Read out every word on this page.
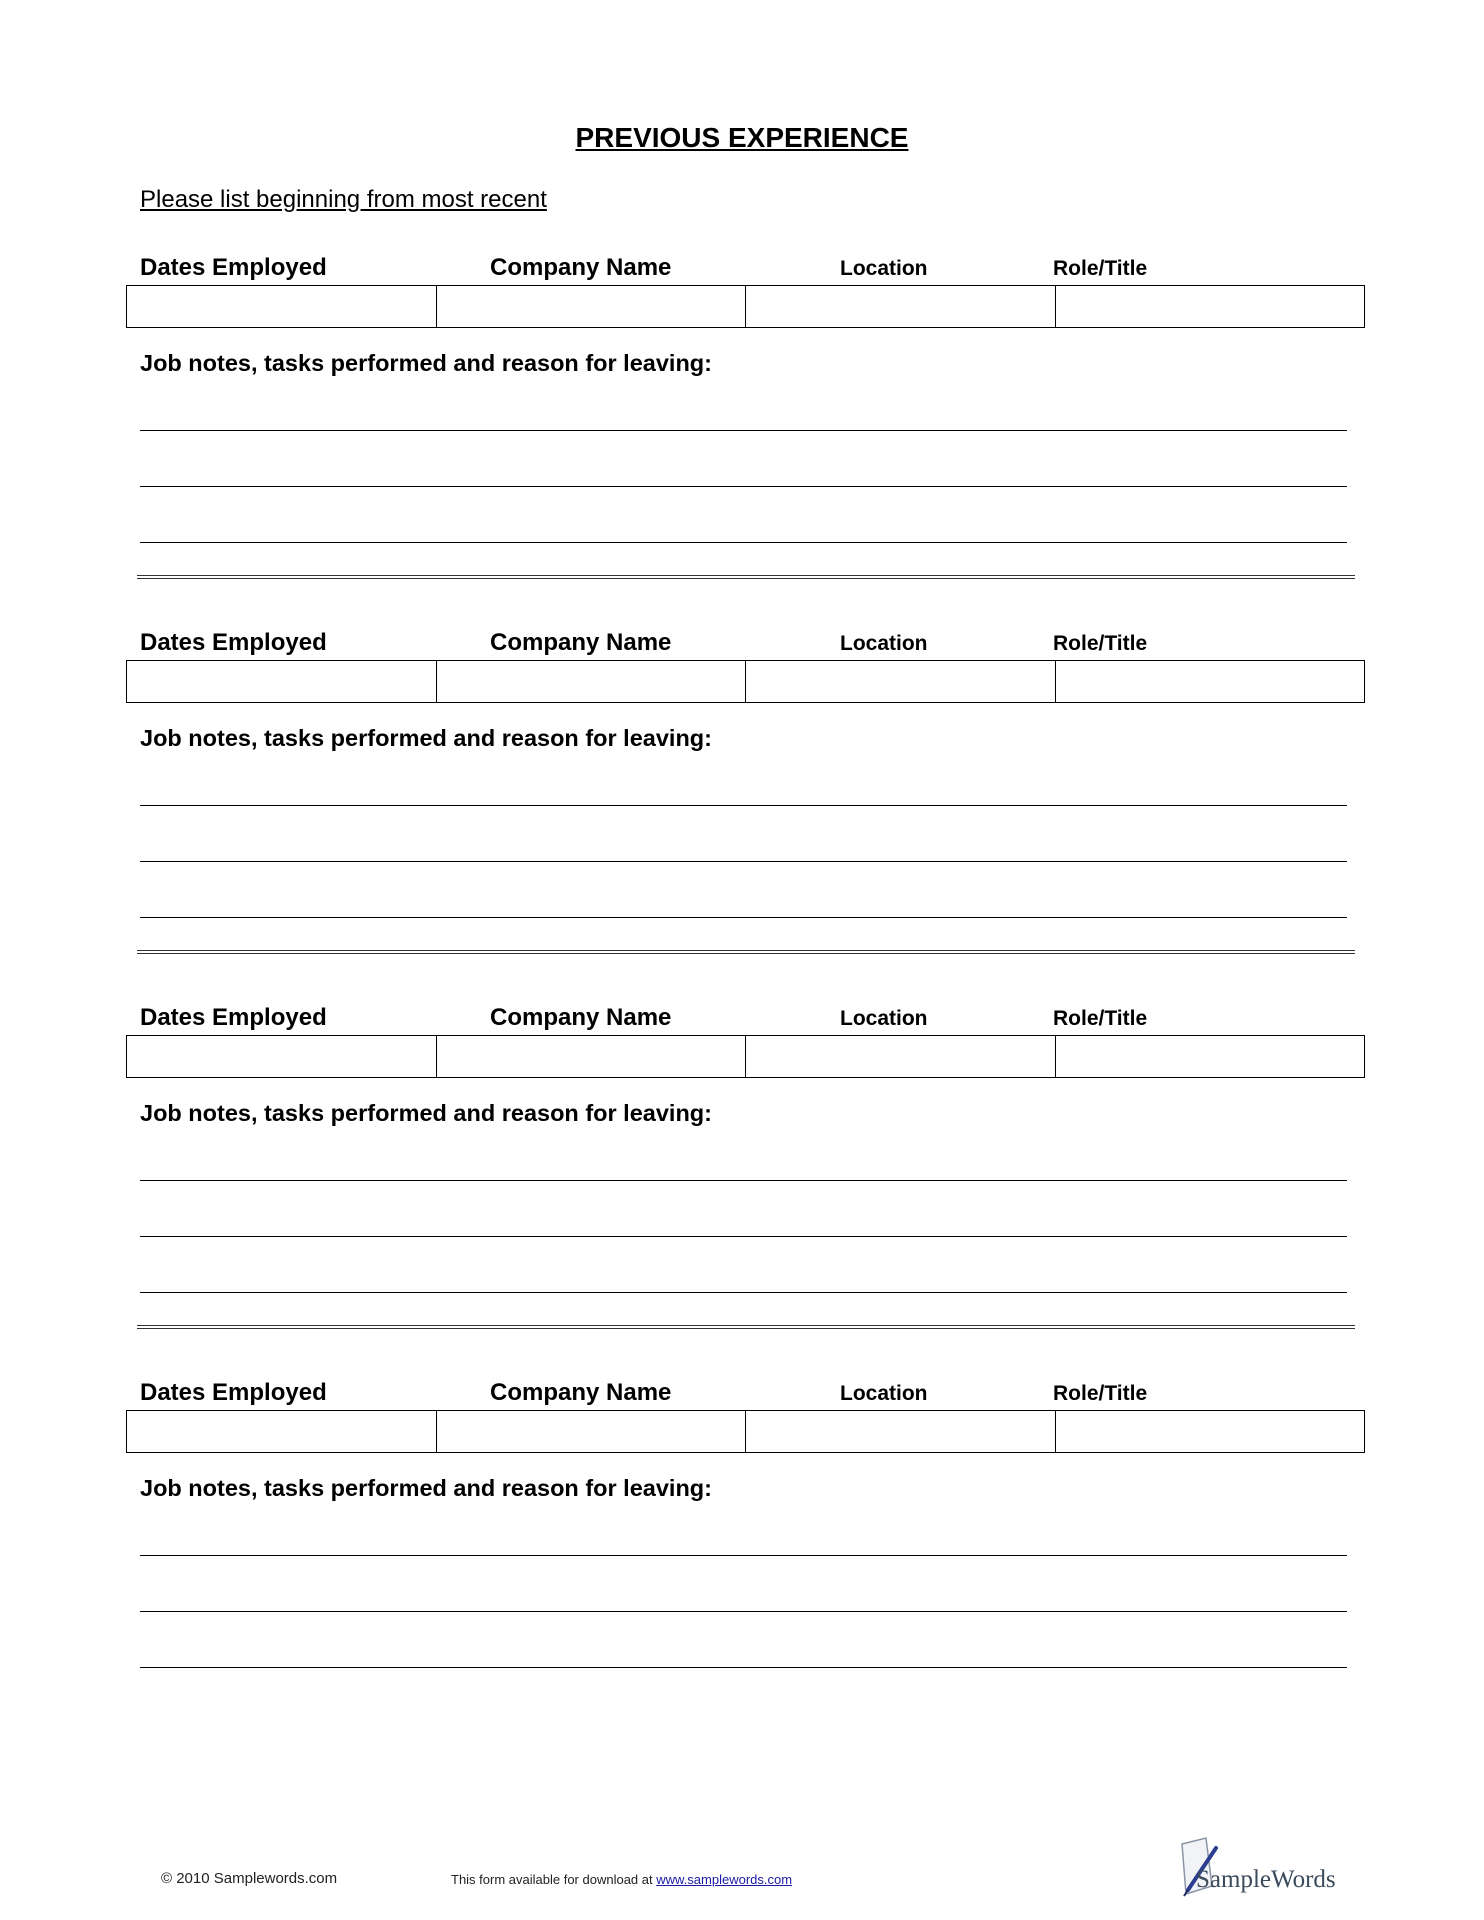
PREVIOUS EXPERIENCE
Please list beginning from most recent
Dates Employed	Company Name	Location	Role/Title

Job notes, tasks performed and reason for leaving:
Dates Employed	Company Name	Location	Role/Title

Job notes, tasks performed and reason for leaving:
Dates Employed	Company Name	Location	Role/Title

Job notes, tasks performed and reason for leaving:
Dates Employed	Company Name	Location	Role/Title

Job notes, tasks performed and reason for leaving:
© 2010 Samplewords.com	This form available for download at www.samplewords.com	SampleWords
